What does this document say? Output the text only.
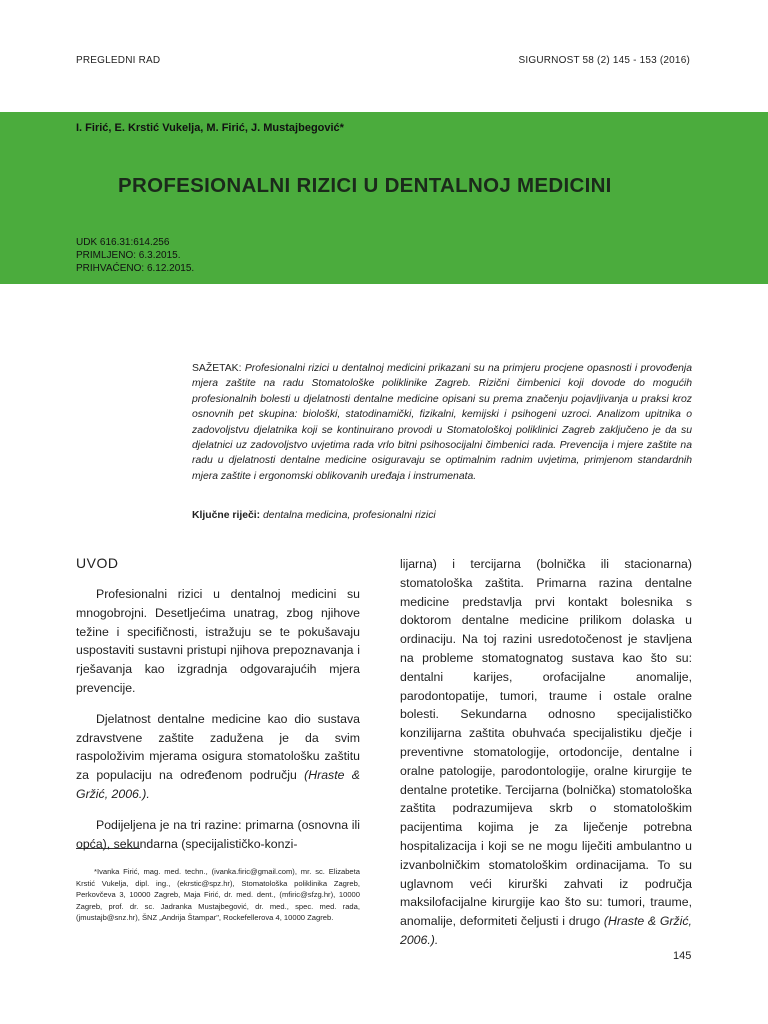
PREGLEDNI RAD	SIGURNOST 58 (2) 145 - 153 (2016)
I. Firić, E. Krstić Vukelja, M. Firić, J. Mustajbegović*
PROFESIONALNI RIZICI U DENTALNOJ MEDICINI
UDK 616.31:614.256
PRIMLJENO: 6.3.2015.
PRIHVAĆENO: 6.12.2015.
SAŽETAK: Profesionalni rizici u dentalnoj medicini prikazani su na primjeru procjene opasnosti i provođenja mjera zaštite na radu Stomatološke poliklinike Zagreb. Rizični čimbenici koji dovode do mogućih profesionalnih bolesti u djelatnosti dentalne medicine opisani su prema značenju pojavljivanja u praksi kroz osnovnih pet skupina: biološki, statodinamički, fizikalni, kemijski i psihogeni uzroci. Analizom upitnika o zadovoljstvu djelatnika koji se kontinuirano provodi u Stomatološkoj poliklinici Zagreb zaključeno je da su djelatnici uz zadovoljstvo uvjetima rada vrlo bitni psihosocijalni čimbenici rada. Prevencija i mjere zaštite na radu u djelatnosti dentalne medicine osiguravaju se optimalnim radnim uvjetima, primjenom standardnih mjera zaštite i ergonomski oblikovanih uređaja i instrumenata.
Ključne riječi: dentalna medicina, profesionalni rizici
UVOD

Profesionalni rizici u dentalnoj medicini su mnogobrojni. Desetljećima unatrag, zbog njihove težine i specifičnosti, istražuju se te pokušavaju uspostaviti sustavni pristupi njihova prepoznavanja i rješavanja kao izgradnja odgovarajućih mjera prevencije.

Djelatnost dentalne medicine kao dio sustava zdravstvene zaštite zadužena je da svim raspoloživim mjerama osigura stomatološku zaštitu za populaciju na određenom području (Hraste & Gržić, 2006.).

Podijeljena je na tri razine: primarna (osnovna ili opća), sekundarna (specijalističko-konzi-

lijarna) i tercijarna (bolnička ili stacionarna) stomatološka zaštita. Primarna razina dentalne medicine predstavlja prvi kontakt bolesnika s doktorom dentalne medicine prilikom dolaska u ordinaciju. Na toj razini usredotočenost je stavljena na probleme stomatognatog sustava kao što su: dentalni karijes, orofacijalne anomalije, parodontopatije, tumori, traume i ostale oralne bolesti. Sekundarna odnosno specijalističko konzilijarna zaštita obuhvaća specijalistiku dječje i preventivne stomatologije, ortodoncije, dentalne i oralne patologije, parodontologije, oralne kirurgije te dentalne protetike. Tercijarna (bolnička) stomatološka zaštita podrazumijeva skrb o stomatološkim pacijentima kojima je za liječenje potrebna hospitalizacija i koji se ne mogu liječiti ambulantno u izvanbolničkim stomatološkim ordinacijama. To su uglavnom veći kirurški zahvati iz područja maksilofacijalne kirurgije kao što su: tumori, traume, anomalije, deformiteti čeljusti i drugo (Hraste & Gržić, 2006.).

*Ivanka Firić, mag. med. techn., (ivanka.firic@gmail.com), mr. sc. Elizabeta Krstić Vukelja, dipl. ing., (ekrstic@spz.hr), Stomatološka poliklinika Zagreb, Perkovčeva 3, 10000 Zagreb, Maja Firić, dr. med. dent., (mfiric@sfzg.hr), 10000 Zagreb, prof. dr. sc. Jadranka Mustajbegović, dr. med., spec. med. rada, (jmustajb@snz.hr), ŠNZ „Andrija Štampar", Rockefellerova 4, 10000 Zagreb.
145
